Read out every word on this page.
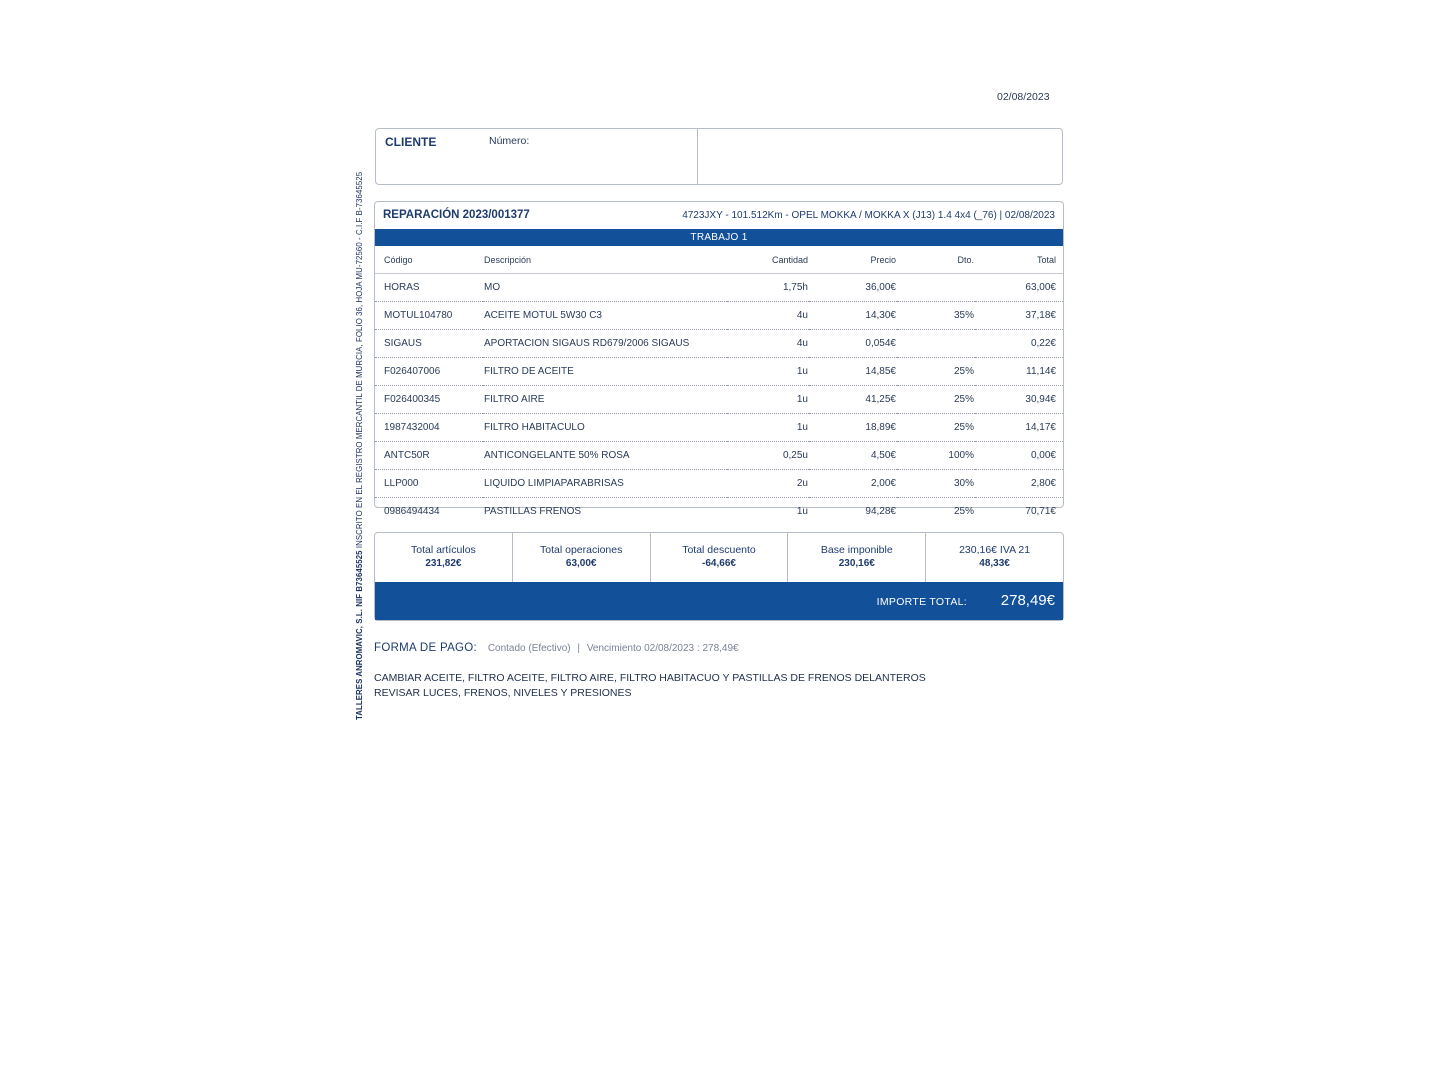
02/08/2023
TALLERES ANROMAVIC, S.L. NIF B73645525 INSCRITO EN EL REGISTRO MERCANTIL DE MURCIA, FOLIO 36, HOJA MU-72560 - C.I.F B-73645525
CLIENTE	Número:
REPARACIÓN 2023/001377	4723JXY - 101.512Km - OPEL MOKKA / MOKKA X (J13) 1.4 4x4 (_76) | 02/08/2023
TRABAJO 1
Código	Descripción	Cantidad	Precio	Dto.	Total
HORAS	MO	1,75h	36,00€		63,00€
MOTUL104780	ACEITE MOTUL 5W30 C3	4u	14,30€	35%	37,18€
SIGAUS	APORTACION SIGAUS RD679/2006 SIGAUS	4u	0,054€		0,22€
F026407006	FILTRO DE ACEITE	1u	14,85€	25%	11,14€
F026400345	FILTRO AIRE	1u	41,25€	25%	30,94€
1987432004	FILTRO HABITACULO	1u	18,89€	25%	14,17€
ANTC50R	ANTICONGELANTE 50% ROSA	0,25u	4,50€	100%	0,00€
LLP000	LIQUIDO LIMPIAPARABRISAS	2u	2,00€	30%	2,80€
0986494434	PASTILLAS FRENOS	1u	94,28€	25%	70,71€
Total artículos
231,82€
Total operaciones
63,00€
Total descuento
-64,66€
Base imponible
230,16€
230,16€ IVA 21
48,33€
IMPORTE TOTAL: 278,49€
FORMA DE PAGO: Contado (Efectivo) | Vencimiento 02/08/2023 : 278,49€
CAMBIAR ACEITE, FILTRO ACEITE, FILTRO AIRE, FILTRO HABITACUO Y PASTILLAS DE FRENOS DELANTEROS
REVISAR LUCES, FRENOS, NIVELES Y PRESIONES
